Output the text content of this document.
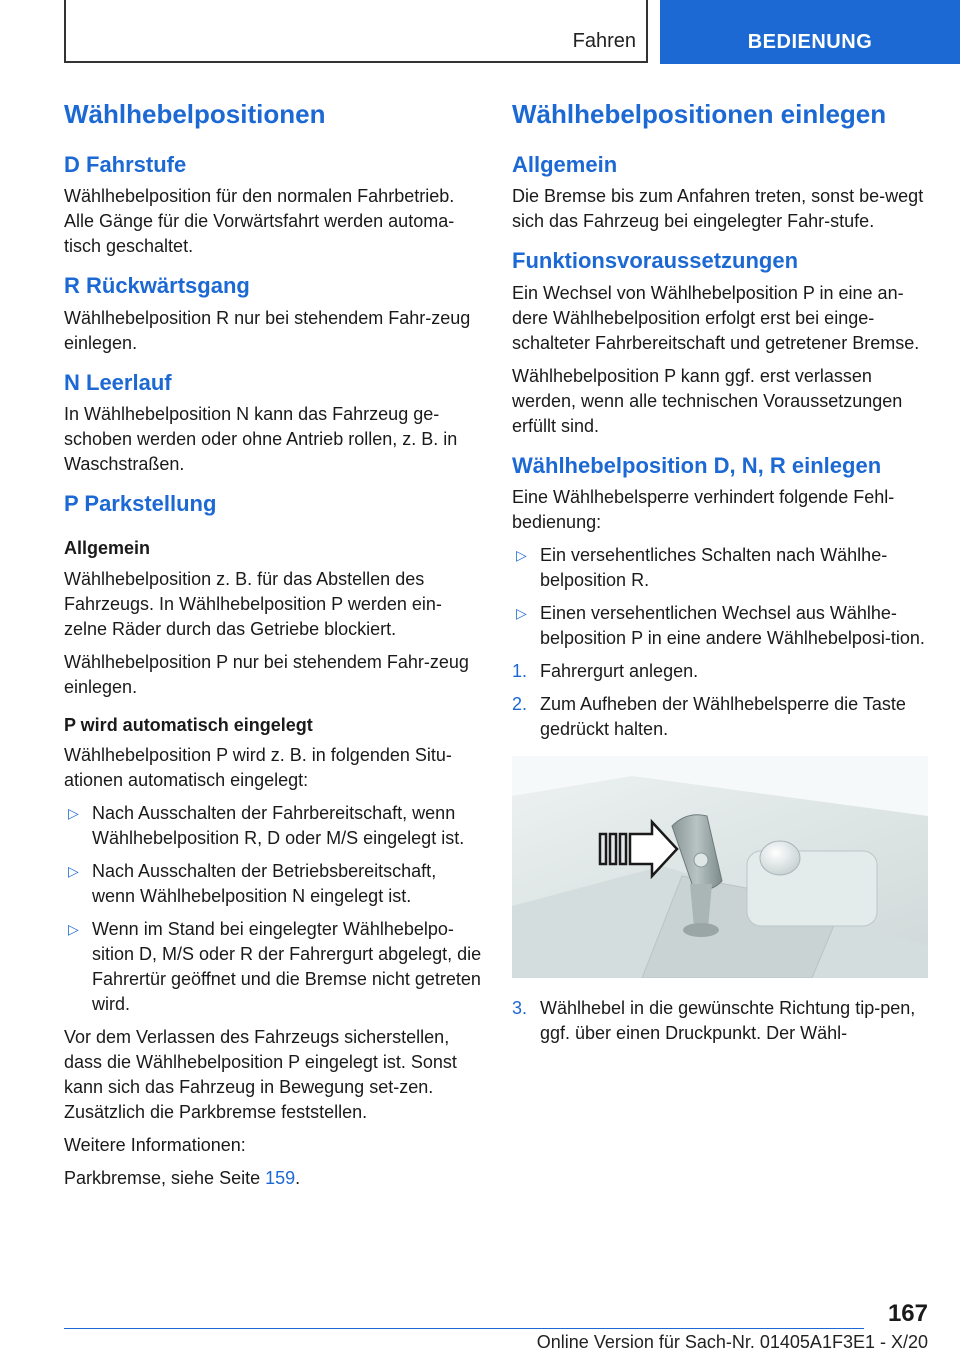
Fahren	BEDIENUNG
Wählhebelpositionen
D Fahrstufe

Wählhebelposition für den normalen Fahrbetrieb. Alle Gänge für die Vorwärtsfahrt werden automa-tisch geschaltet.

R Rückwärtsgang

Wählhebelposition R nur bei stehendem Fahr-zeug einlegen.

N Leerlauf

In Wählhebelposition N kann das Fahrzeug ge-schoben werden oder ohne Antrieb rollen, z. B. in Waschstraßen.

P Parkstellung
Allgemein

Wählhebelposition z. B. für das Abstellen des Fahrzeugs. In Wählhebelposition P werden ein-zelne Räder durch das Getriebe blockiert.

Wählhebelposition P nur bei stehendem Fahr-zeug einlegen.

P wird automatisch eingelegt

Wählhebelposition P wird z. B. in folgenden Situ-ationen automatisch eingelegt:

▷ Nach Ausschalten der Fahrbereitschaft, wenn Wählhebelposition R, D oder M/S eingelegt ist.
▷ Nach Ausschalten der Betriebsbereitschaft, wenn Wählhebelposition N eingelegt ist.
▷ Wenn im Stand bei eingelegter Wählhebelpo-sition D, M/S oder R der Fahrergurt abgelegt, die Fahrertür geöffnet und die Bremse nicht getreten wird.

Vor dem Verlassen des Fahrzeugs sicherstellen, dass die Wählhebelposition P eingelegt ist. Sonst kann sich das Fahrzeug in Bewegung set-zen. Zusätzlich die Parkbremse feststellen.

Weitere Informationen:

Parkbremse, siehe Seite 159.

Wählhebelpositionen einlegen
Allgemein

Die Bremse bis zum Anfahren treten, sonst be-wegt sich das Fahrzeug bei eingelegter Fahr-stufe.

Funktionsvoraussetzungen

Ein Wechsel von Wählhebelposition P in eine an-dere Wählhebelposition erfolgt erst bei einge-schalteter Fahrbereitschaft und getretener Bremse.

Wählhebelposition P kann ggf. erst verlassen werden, wenn alle technischen Voraussetzungen erfüllt sind.

Wählhebelposition D, N, R einlegen

Eine Wählhebelsperre verhindert folgende Fehl-bedienung:

▷ Ein versehentliches Schalten nach Wählhe-belposition R.
▷ Einen versehentlichen Wechsel aus Wählhe-belposition P in eine andere Wählhebelposi-tion.
1. Fahrergurt anlegen.
2. Zum Aufheben der Wählhebelsperre die Taste gedrückt halten.
3. Wählhebel in die gewünschte Richtung tip-pen, ggf. über einen Druckpunkt. Der Wähl-
167
Online Version für Sach-Nr. 01405A1F3E1 - X/20
